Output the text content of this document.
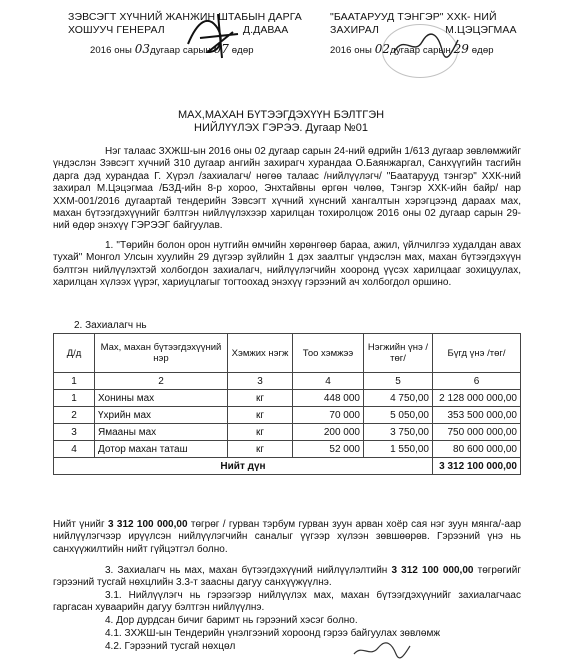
ЗЭВСЭГТ ХҮЧНИЙ ЖАНЖИН ШТАБЫН ДАРГА
ХОШУУЧ ГЕНЕРАЛ	Д.ДАВАА
2016 оны 03дугаар сарын 07 өдөр
"БААТАРУУД ТЭНГЭР" ХХК- НИЙ
ЗАХИРАЛ	М.ЦЭЦЭГМАА
2016 оны 02дугаар сарын 29 өдөр
МАХ,МАХАН БҮТЭЭГДЭХҮҮН БЭЛТГЭН
НИЙЛҮҮЛЭХ ГЭРЭЭ. Дугаар №01
Нэг талаас ЗХЖШ-ын 2016 оны 02 дугаар сарын 24-ний өдрийн 1/613 дугаар зөвлөмжийг үндэслэн Зэвсэгт хүчний 310 дугаар ангийн захирагч хурандаа О.Баянжаргал, Санхүүгийн тасгийн дарга дэд хурандаа Г. Хүрэл /захиалагч/ нөгөө талаас /нийлүүлэгч/ "Баатарууд тэнгэр" ХХК-ний захирал М.Цэцэгмаа /БЗД-ийн 8-р хороо, Энхтайвны өргөн чөлөө, Тэнгэр ХХК-ийн байр/ нар ХХМ-001/2016 дугаартай тендерийн Зэвсэгт хүчний хүнсний хангалтын хэрэгцээнд дараах мах, махан бүтээгдэхүүнийг бэлтгэн нийлүүлэхээр харилцан тохиролцож 2016 оны 02 дугаар сарын 29-ний өдөр энэхүү ГЭРЭЭГ байгуулав.
1. "Төрийн болон орон нутгийн өмчийн хөрөнгөөр бараа, ажил, үйлчилгээ худалдан авах тухай" Монгол Улсын хуулийн 29 дүгээр зүйлийн 1 дэх заалтыг үндэслэн мах, махан бүтээгдэхүүн бэлтгэн нийлүүлэхтэй холбогдон захиалагч, нийлүүлэгчийн хооронд үүсэх харилцааг зохицуулах, харилцан хүлээх үүрэг, хариуцлагыг тогтоохад энэхүү гэрээний ач холбогдол оршино.
2. Захиалагч нь
Д/д	Мах, махан бүтээгдэхүүний нэр	Хэмжих нэгж	Тоо хэмжээ	Нэгжийн үнэ /төг/	Бүгд үнэ /төг/
1	2	3	4	5	6
1	Хонины мах	кг	448 000	4 750,00	2 128 000 000,00
2	Үхрийн мах	кг	70 000	5 050,00	353 500 000,00
3	Ямааны мах	кг	200 000	3 750,00	750 000 000,00
4	Дотор махан таташ	кг	52 000	1 550,00	80 600 000,00
Нийт дүн					3 312 100 000,00
Нийт үнийг 3 312 100 000,00 төгрөг / гурван тэрбум гурван зуун арван хоёр сая нэг зуун мянга/-аар нийлүүлэгчээр ирүүлсэн нийлүүлэгчийн саналыг үүгээр хүлээн зөвшөөрөв. Гэрээний үнэ нь санхүүжилтийн нийт гүйцэтгэл болно.
3. Захиалагч нь мах, махан бүтээгдэхүүний нийлүүлэлтийн 3 312 100 000,00 төгрөгийг гэрээний тусгай нөхцлийн 3.3-т заасны дагуу санхүүжүүлнэ.
3.1. Нийлүүлэгч нь гэрээгээр нийлүүлэх мах, махан бүтээгдэхүүнийг захиалагчаас гаргасан хуваарийн дагуу бэлтгэн нийлүүлнэ.
4. Дор дурдсан бичиг баримт нь гэрээний хэсэг болно.
4.1. ЗХЖШ-ын Тендерийн үнэлгээний хороонд гэрээ байгуулах зөвлөмж
4.2. Гэрээний тусгай нөхцөл
